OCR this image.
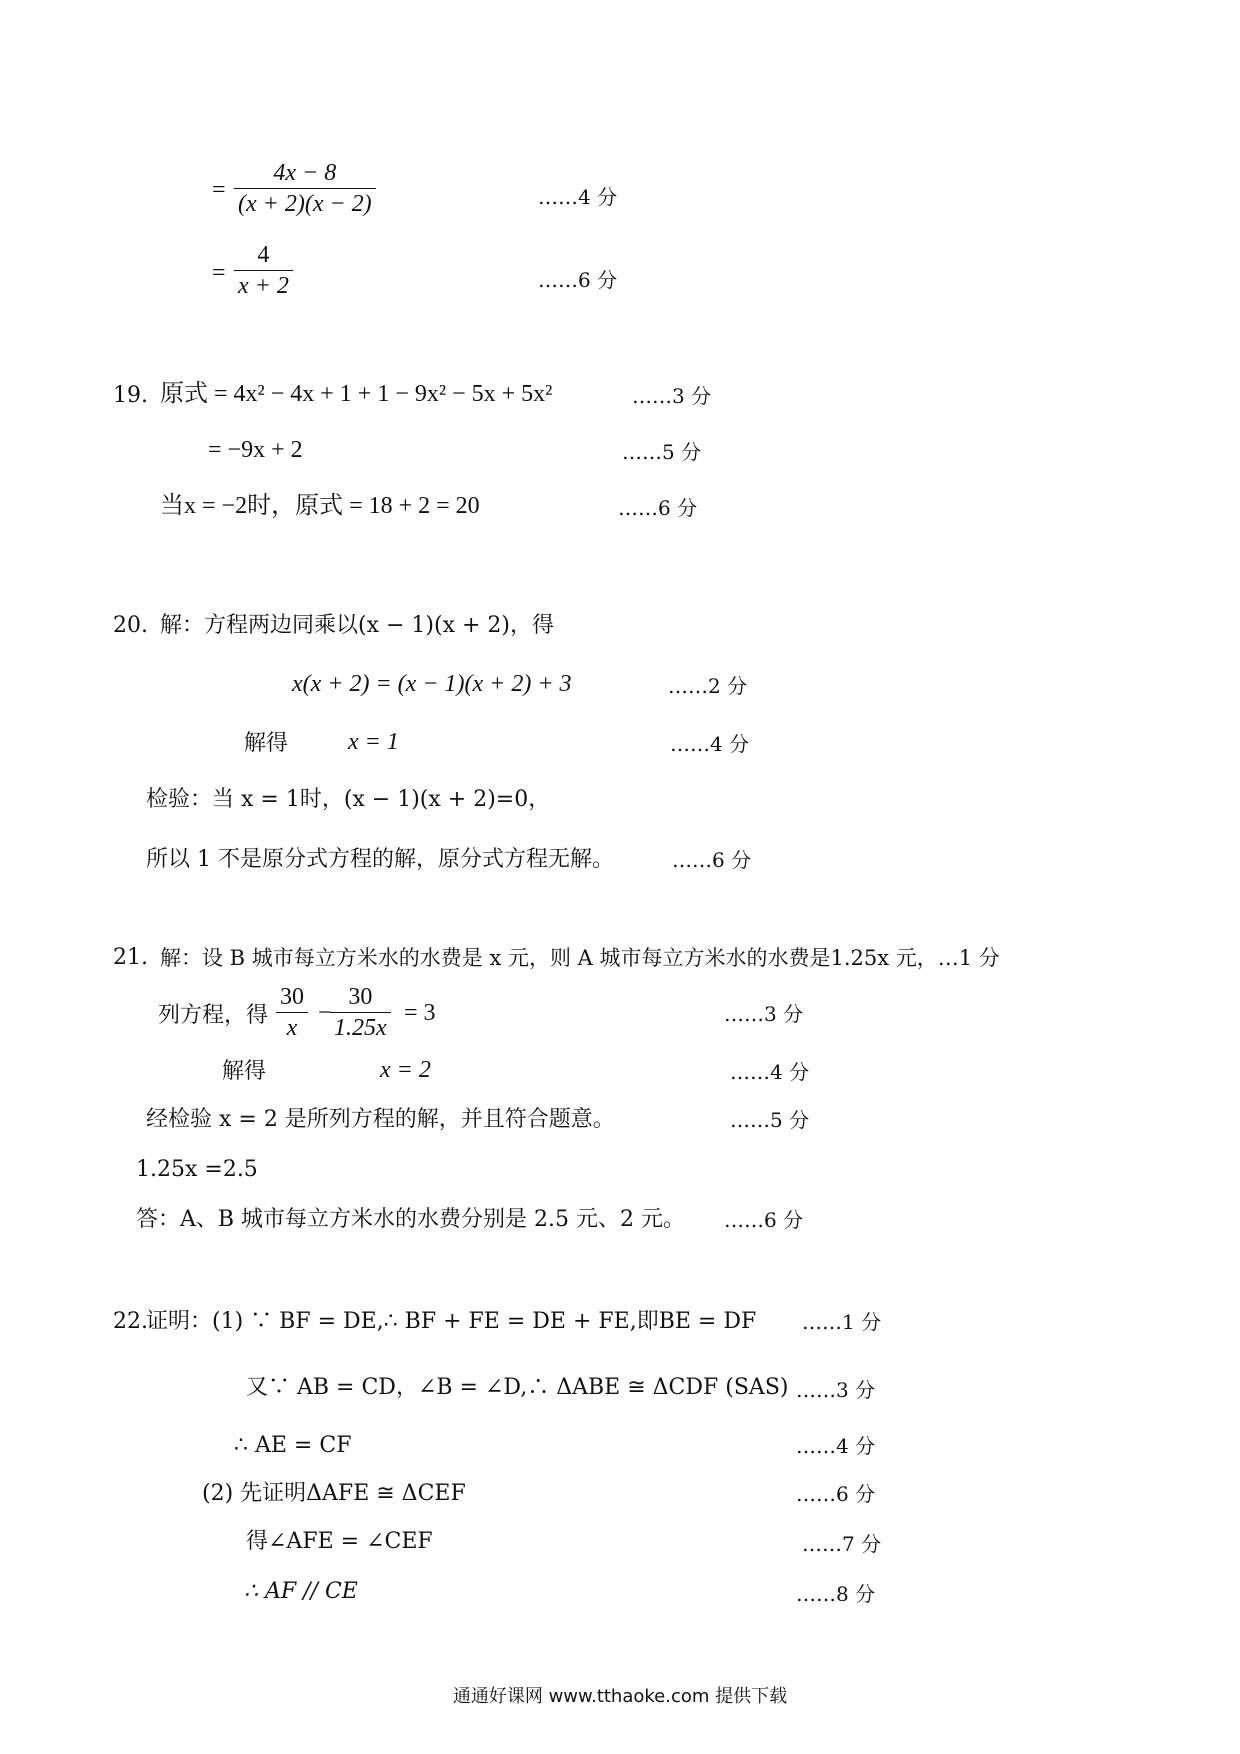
=
4x − 8
(x + 2)(x − 2)	……4 分
=
4
x + 2	……6 分
19. 原式 = 4x² − 4x + 1 + 1 − 9x² − 5x + 5x²	……3 分
= −9x + 2	……5 分
当x = −2时，原式 = 18 + 2 = 20	……6 分
20. 解：方程两边同乘以(x − 1)(x + 2)，得
x(x + 2) = (x − 1)(x + 2) + 3	……2 分
解得 x = 1	……4 分
检验：当 x = 1时，(x − 1)(x + 2)=0，
所以 1 不是原分式方程的解，原分式方程无解。	……6 分
21. 解：设 B 城市每立方米水的水费是 x 元，则 A 城市每立方米水的水费是1.25x 元，…1 分
列方程，得
30
x
−
30
1.25x
= 3	……3 分
解得	x = 2	……4 分
经检验 x = 2 是所列方程的解，并且符合题意。	……5 分
1.25x =2.5
答：A、B 城市每立方米水的水费分别是 2.5 元、2 元。 ……6 分
22.
证明：(1) ∵ BF = DE,∴ BF + FE = DE + FE,即BE = DF ……1 分
又∵ AB = CD，∠B = ∠D,∴ ΔABE ≅ ΔCDF (SAS) ……3 分
∴ AE = CF	……4 分
(2) 先证明ΔAFE ≅ ΔCEF	……6 分
得∠AFE = ∠CEF	……7 分
∴ AF // CE	……8 分
通通好课网 www.tthaoke.com 提供下载
